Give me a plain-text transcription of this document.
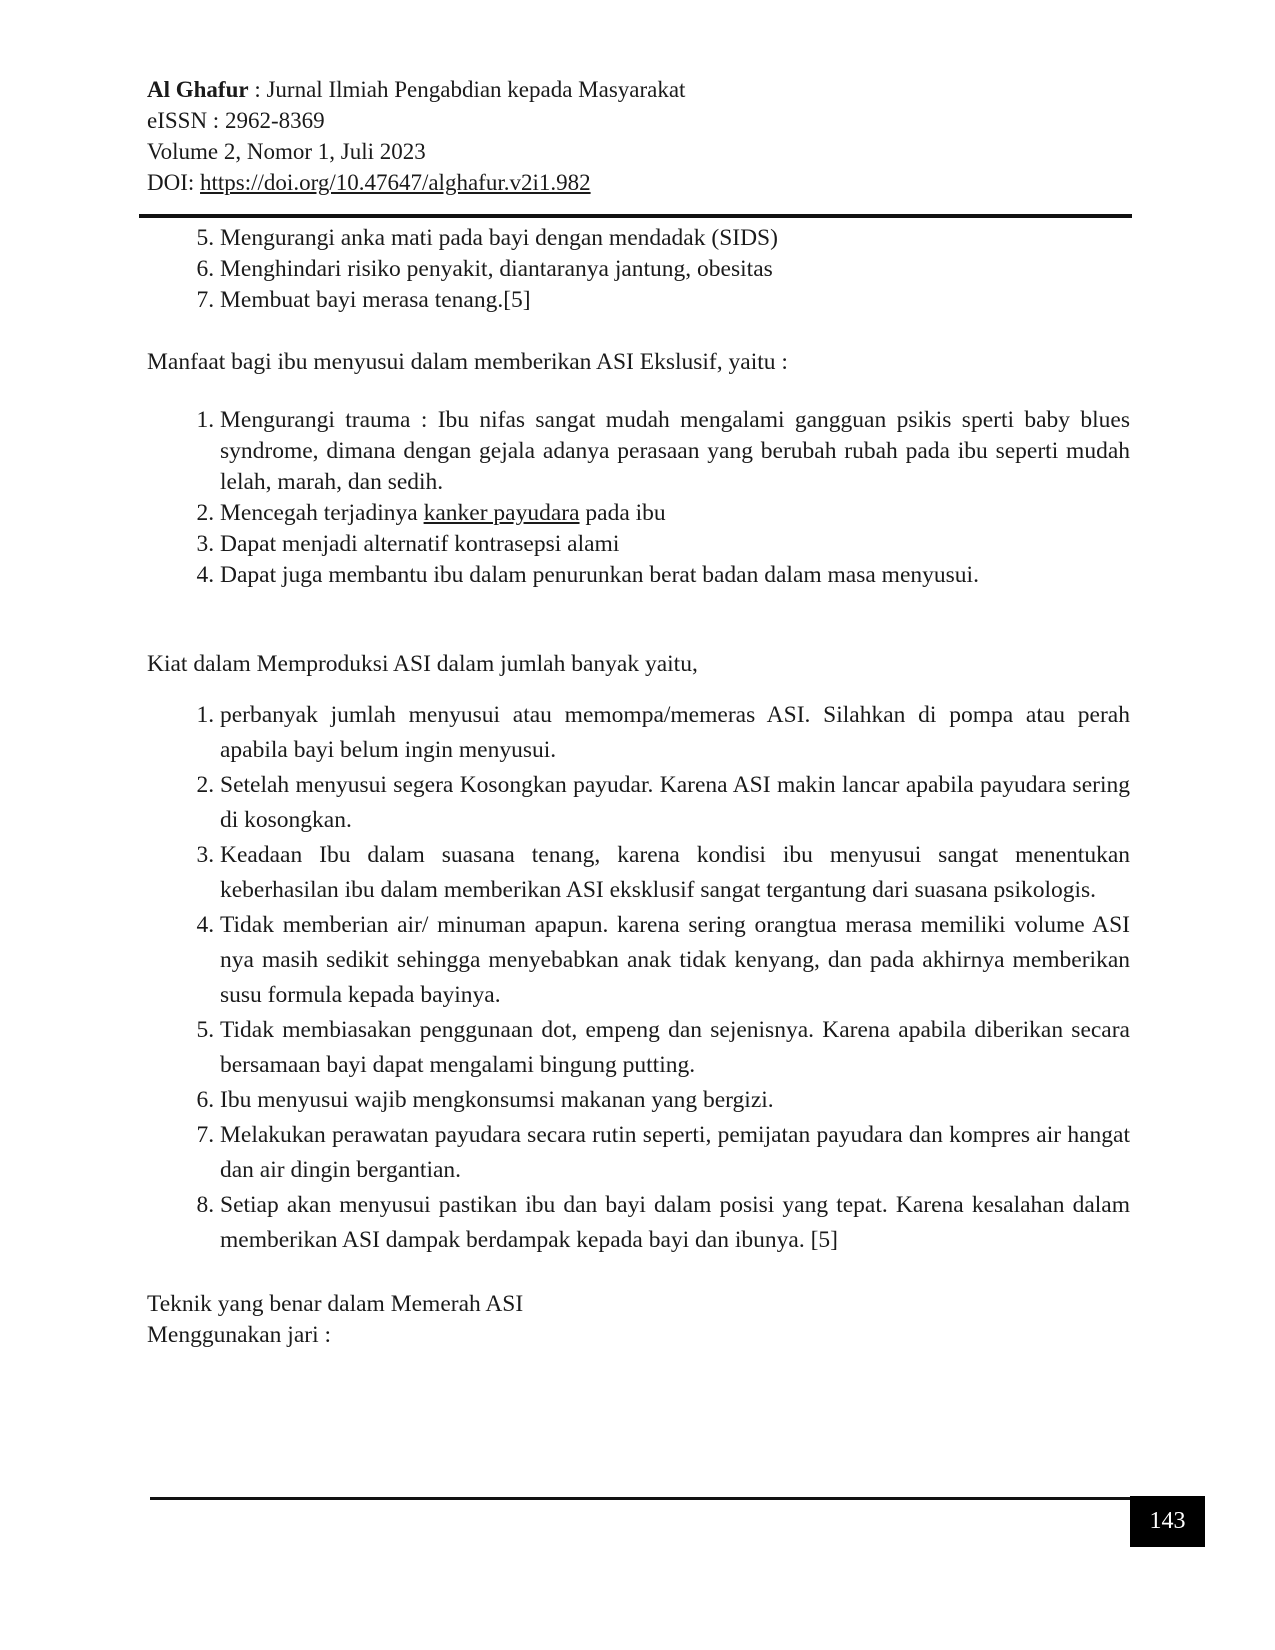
Al Ghafur : Jurnal Ilmiah Pengabdian kepada Masyarakat
eISSN : 2962-8369
Volume 2, Nomor 1, Juli 2023
DOI: https://doi.org/10.47647/alghafur.v2i1.982
5. Mengurangi anka mati pada bayi dengan mendadak (SIDS)
6. Menghindari risiko penyakit, diantaranya jantung, obesitas
7. Membuat bayi merasa tenang.[5]

Manfaat bagi ibu menyusui dalam memberikan ASI Ekslusif, yaitu :

1. Mengurangi trauma : Ibu nifas sangat mudah mengalami gangguan psikis sperti baby blues syndrome, dimana dengan gejala adanya perasaan yang berubah rubah pada ibu seperti mudah lelah, marah, dan sedih.
2. Mencegah terjadinya kanker payudara pada ibu
3. Dapat menjadi alternatif kontrasepsi alami
4. Dapat juga membantu ibu dalam penurunkan berat badan dalam masa menyusui.

Kiat dalam Memproduksi ASI dalam jumlah banyak yaitu,

1. perbanyak jumlah menyusui atau memompa/memeras ASI. Silahkan di pompa atau perah apabila bayi belum ingin menyusui.
2. Setelah menyusui segera Kosongkan payudar. Karena ASI makin lancar apabila payudara sering di kosongkan.
3. Keadaan Ibu dalam suasana tenang, karena kondisi ibu menyusui sangat menentukan keberhasilan ibu dalam memberikan ASI eksklusif sangat tergantung dari suasana psikologis.
4. Tidak memberian air/ minuman apapun. karena sering orangtua merasa memiliki volume ASI nya masih sedikit sehingga menyebabkan anak tidak kenyang, dan pada akhirnya memberikan susu formula kepada bayinya.
5. Tidak membiasakan penggunaan dot, empeng dan sejenisnya. Karena apabila diberikan secara bersamaan bayi dapat mengalami bingung putting.
6. Ibu menyusui wajib mengkonsumsi makanan yang bergizi.
7. Melakukan perawatan payudara secara rutin seperti, pemijatan payudara dan kompres air hangat dan air dingin bergantian.
8. Setiap akan menyusui pastikan ibu dan bayi dalam posisi yang tepat. Karena kesalahan dalam memberikan ASI dampak berdampak kepada bayi dan ibunya. [5]

Teknik yang benar dalam Memerah ASI

Menggunakan jari :

143
